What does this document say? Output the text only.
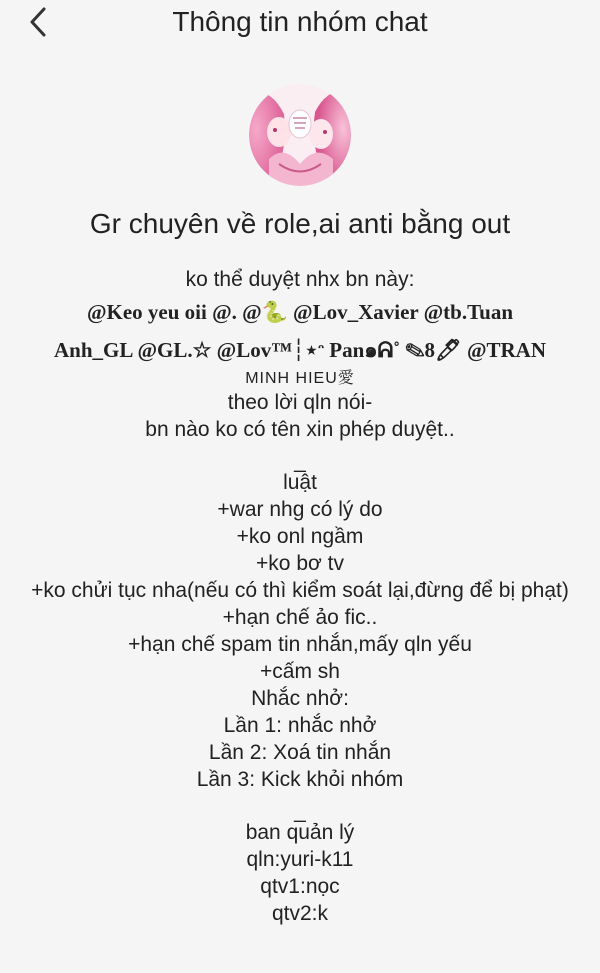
Thông tin nhóm chat
Gr chuyên về role,ai anti bằng out
ko thể duyệt nhx bn này:
@Keo yeu oii @. @🐍 @Lov_Xavier @tb.Tuan
Anh_GL @GL.☆ @Lov™┆⋆ᵔ Pan๑ᕱ˚ ✎8🖊 @TRAN
MINH HIEU愛
theo lời qln nói-
bn nào ko có tên xin phép duyệt..
_
luật
+war nhg có lý do
+ko onl ngầm
+ko bơ tv
+ko chửi tục nha(nếu có thì kiểm soát lại,đừng để bị phạt)
+hạn chế ảo fic..
+hạn chế spam tin nhắn,mấy qln yếu
+cấm sh
Nhắc nhở:
Lần 1: nhắc nhở
Lần 2: Xoá tin nhắn
Lần 3: Kick khỏi nhóm
_
ban quản lý
qln:yuri-k11
qtv1:nọc
qtv2:k
